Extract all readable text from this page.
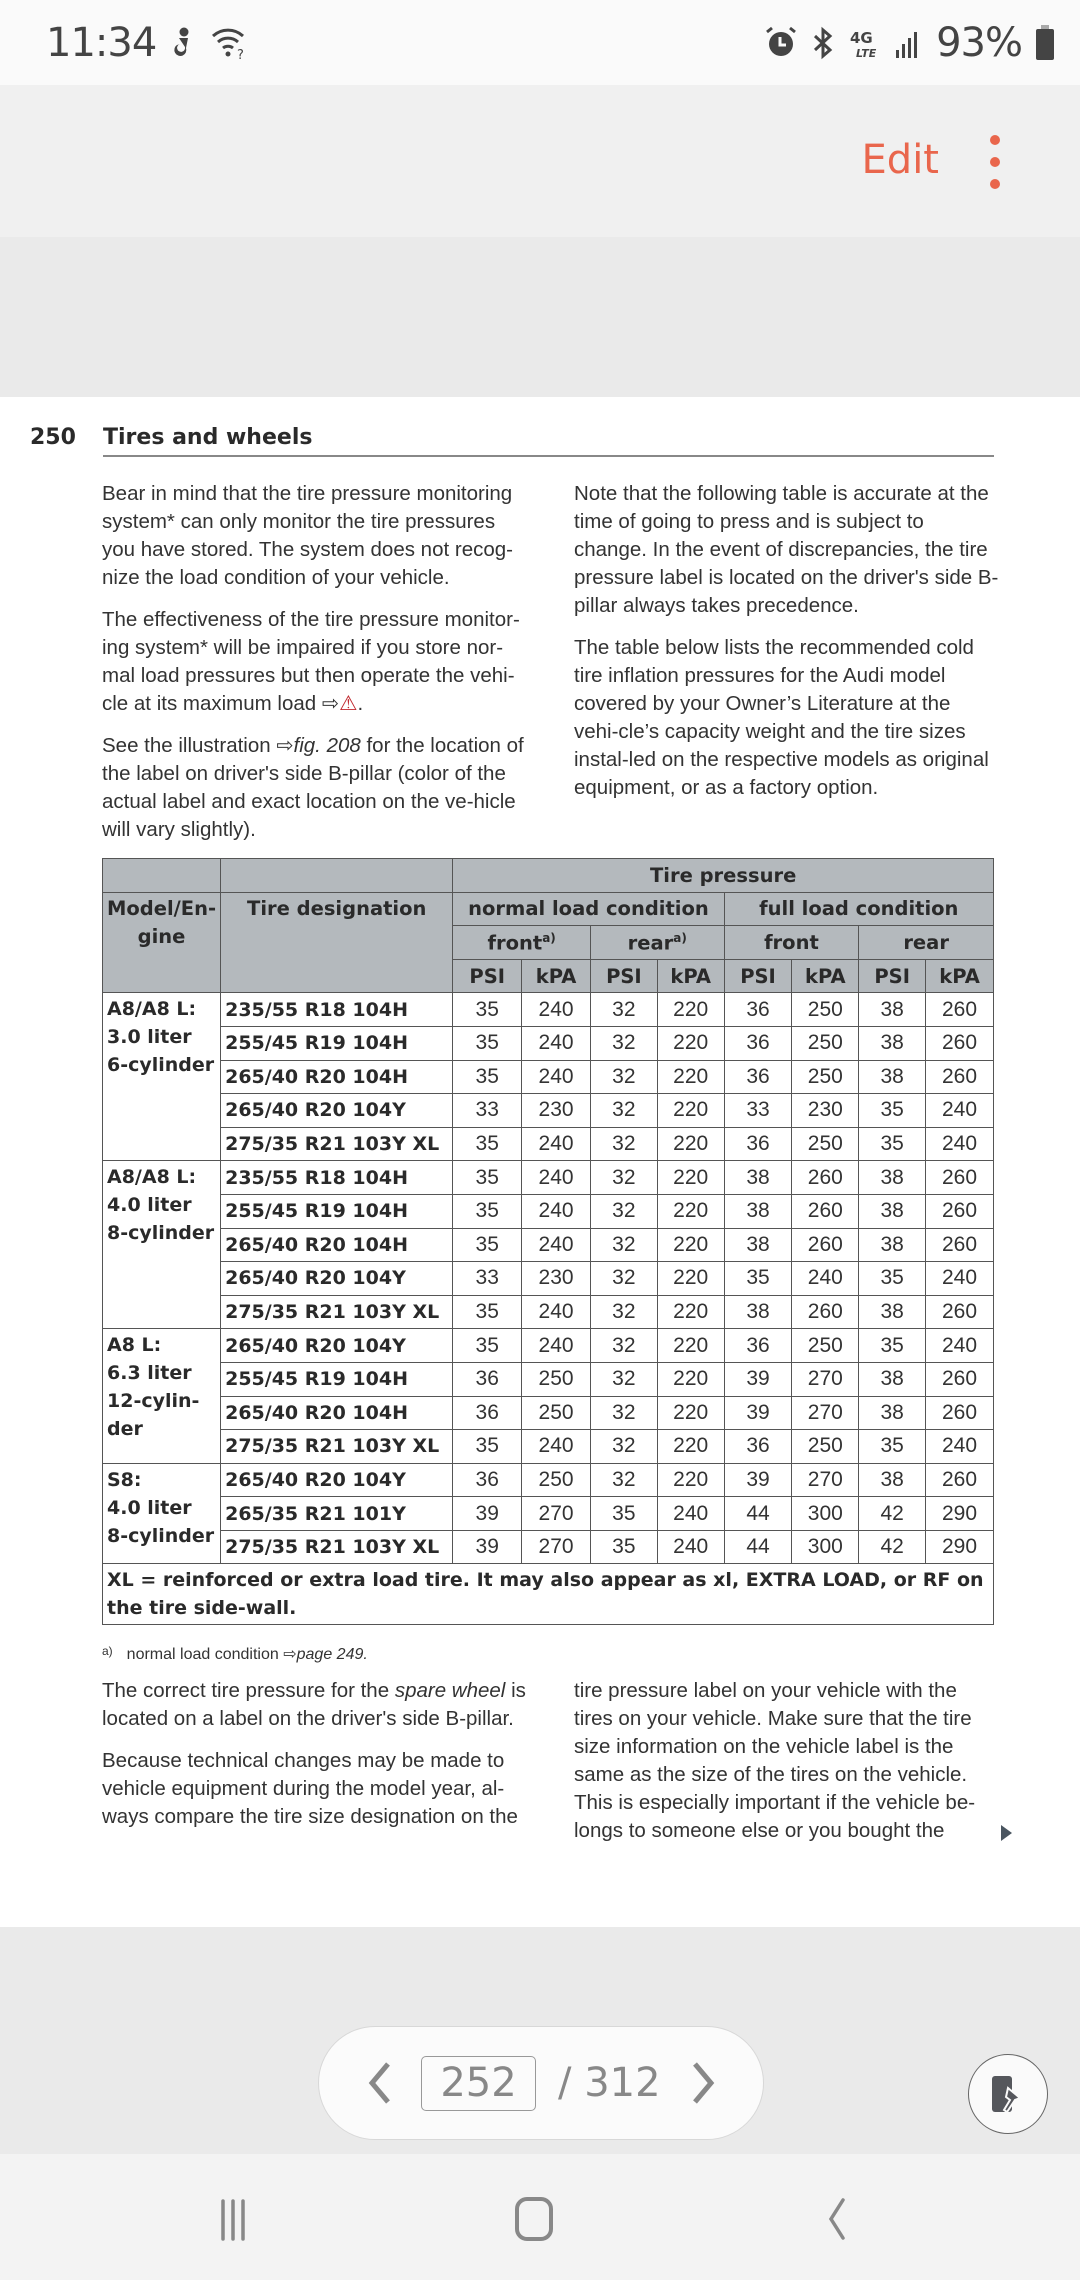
11:34	?
4G
LTE 93%
Edit
250	Tires and wheels

Bear in mind that the tire pressure monitoring system* can only monitor the tire pressures you have stored. The system does not recog-nize the load condition of your vehicle.

The effectiveness of the tire pressure monitor-ing system* will be impaired if you store nor-mal load pressures but then operate the vehi-cle at its maximum load ⇨⚠.

See the illustration ⇨fig. 208 for the location of the label on driver's side B-pillar (color of the actual label and exact location on the ve-hicle will vary slightly).

Note that the following table is accurate at the time of going to press and is subject to change. In the event of discrepancies, the tire pressure label is located on the driver's side B-pillar always takes precedence.

The table below lists the recommended cold tire inflation pressures for the Audi model covered by your Owner’s Literature at the vehi-cle’s capacity weight and the tire sizes instal-led on the respective models as original equipment, or as a factory option.

		Tire pressure							
Model/En-gine	Tire designation	normal load condition				full load condition			
		front$^{a)}$		rear$^{a)}$		front		rear	
		PSI	kPA	PSI	kPA	PSI	kPA	PSI	kPA

A8/A8 L:
3.0 liter
6-cylinder	235/55 R18 104H	35	240	32	220	36	250	38	260
	255/45 R19 104H	35	240	32	220	36	250	38	260
	265/40 R20 104H	35	240	32	220	36	250	38	260
	265/40 R20 104Y	33	230	32	220	33	230	35	240
	275/35 R21 103Y XL	35	240	32	220	36	250	35	240

A8/A8 L:
4.0 liter
8-cylinder	235/55 R18 104H	35	240	32	220	38	260	38	260
	255/45 R19 104H	35	240	32	220	38	260	38	260
	265/40 R20 104H	35	240	32	220	38	260	38	260
	265/40 R20 104Y	33	230	32	220	35	240	35	240
	275/35 R21 103Y XL	35	240	32	220	38	260	38	260

A8 L:
6.3 liter
12-cylin-
der	265/40 R20 104Y	35	240	32	220	36	250	35	240
	255/45 R19 104H	36	250	32	220	39	270	38	260
	265/40 R20 104H	36	250	32	220	39	270	38	260
	275/35 R21 103Y XL	35	240	32	220	36	250	35	240

S8:
4.0 liter
8-cylinder	265/40 R20 104Y	36	250	32	220	39	270	38	260
	265/35 R21 101Y	39	270	35	240	44	300	42	290
	275/35 R21 103Y XL	39	270	35	240	44	300	42	290
XL = reinforced or extra load tire. It may also appear as xl, EXTRA LOAD, or RF on the tire side-wall.									
$^{a)}$ normal load condition ⇨page 249.

The correct tire pressure for the spare wheel is located on a label on the driver's side B-pillar.

Because technical changes may be made to vehicle equipment during the model year, al-ways compare the tire size designation on the

tire pressure label on your vehicle with the tires on your vehicle. Make sure that the tire size information on the vehicle label is the same as the size of the tires on the vehicle. This is especially important if the vehicle be-longs to someone else or you bought the

252
/ 312
